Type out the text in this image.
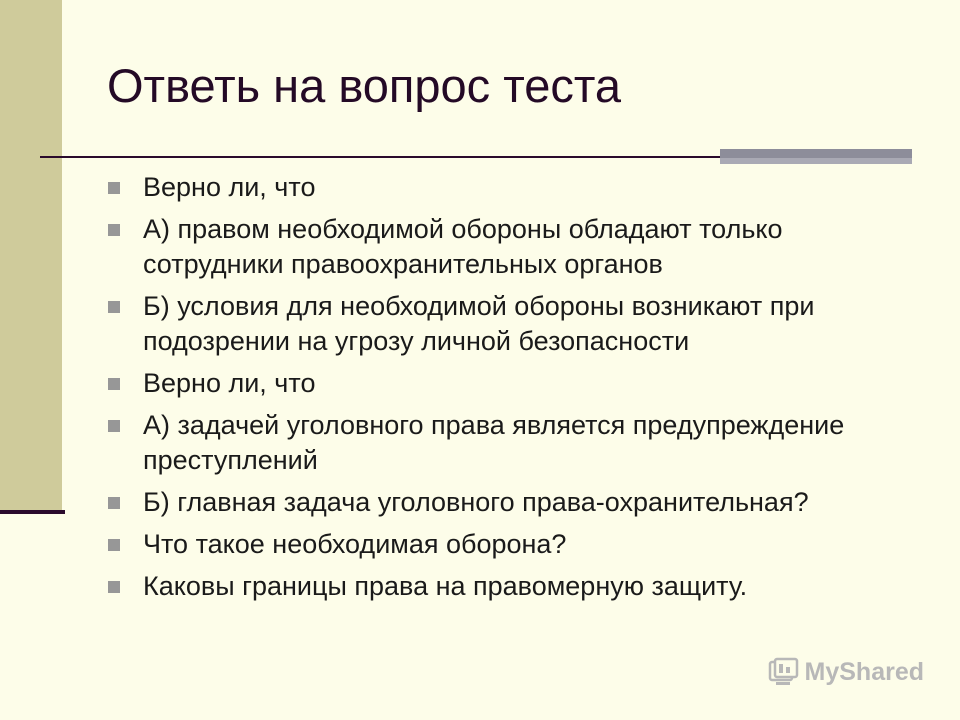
Ответь на вопрос теста
Верно ли, что
А) правом необходимой обороны обладают только сотрудники правоохранительных органов
Б) условия для необходимой обороны возникают при подозрении на угрозу личной безопасности
Верно ли, что
А) задачей уголовного права является предупреждение преступлений
Б) главная задача уголовного права-охранительная?
Что такое необходимая оборона?
Каковы границы права на правомерную защиту.
MyShared
